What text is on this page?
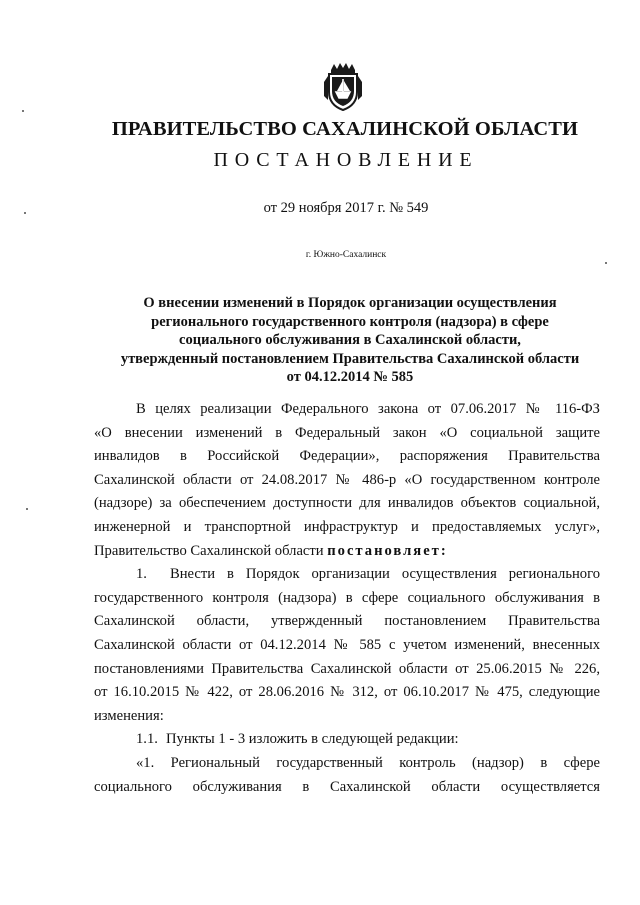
ПРАВИТЕЛЬСТВО САХАЛИНСКОЙ ОБЛАСТИ
ПОСТАНОВЛЕНИЕ
от 29 ноября 2017 г. № 549
г. Южно-Сахалинск
О внесении изменений в Порядок организации осуществления
регионального государственного контроля (надзора) в сфере
социального обслуживания в Сахалинской области,
утвержденный постановлением Правительства Сахалинской области
от 04.12.2014 № 585
В целях реализации Федерального закона от 07.06.2017 № 116-ФЗ
«О внесении изменений в Федеральный закон «О социальной защите
инвалидов в Российской Федерации», распоряжения Правительства
Сахалинской области от 24.08.2017 № 486-р «О государственном контроле
(надзоре) за обеспечением доступности для инвалидов объектов социальной,
инженерной и транспортной инфраструктур и предоставляемых услуг»,
Правительство Сахалинской области постановляет:
1. Внести в Порядок организации осуществления регионального
государственного контроля (надзора) в сфере социального обслуживания в
Сахалинской области, утвержденный постановлением Правительства
Сахалинской области от 04.12.2014 № 585 с учетом изменений, внесенных
постановлениями Правительства Сахалинской области от 25.06.2015 № 226,
от 16.10.2015 № 422, от 28.06.2016 № 312, от 06.10.2017 № 475, следующие
изменения:
1.1. Пункты 1 - 3 изложить в следующей редакции:
«1. Региональный государственный контроль (надзор) в сфере
социального обслуживания в Сахалинской области осуществляется
